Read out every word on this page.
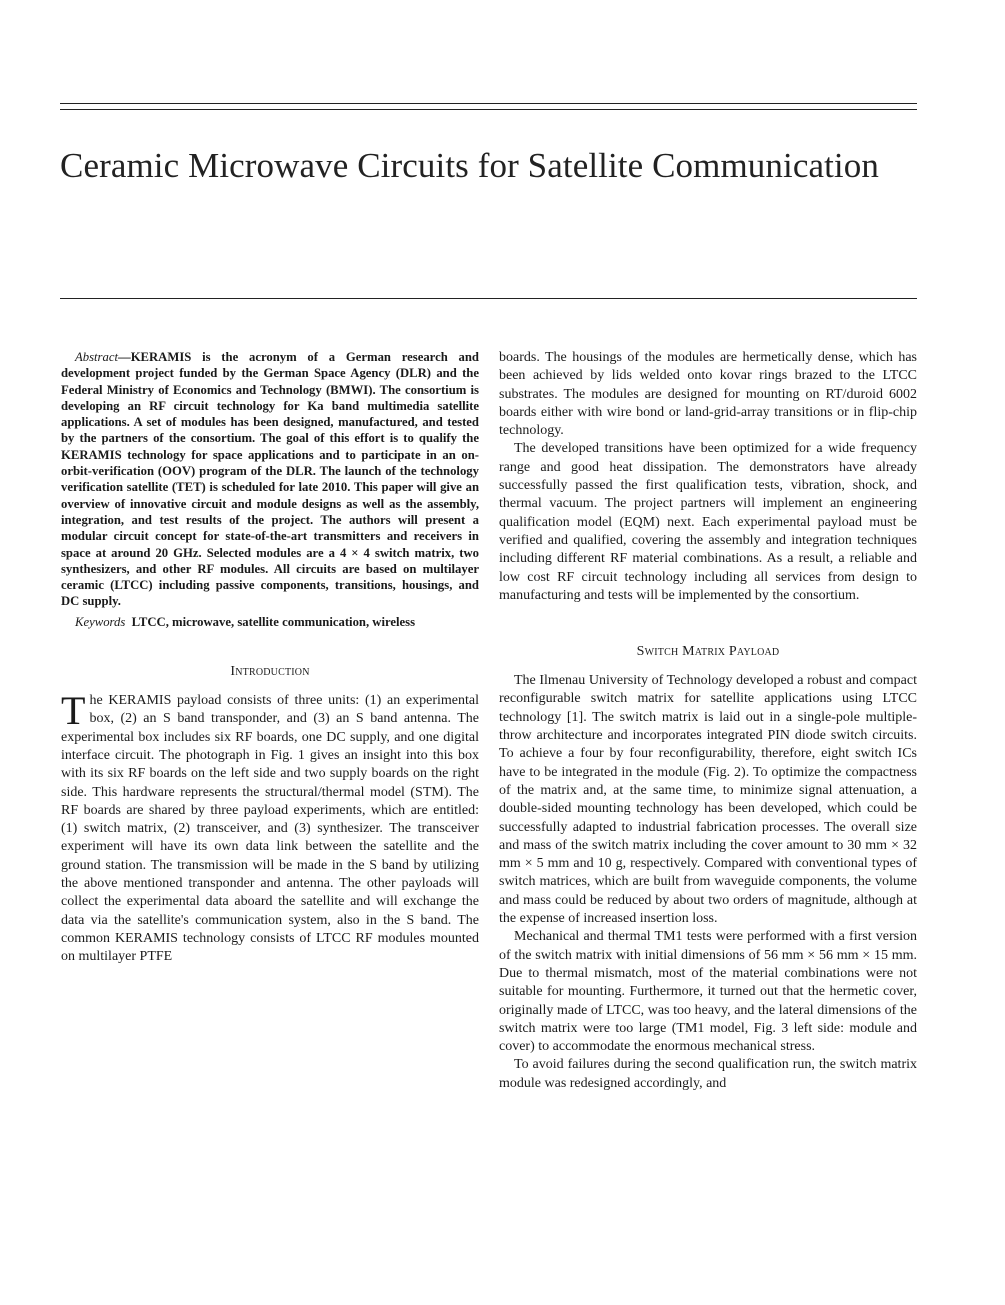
Ceramic Microwave Circuits for Satellite Communication

Abstract—KERAMIS is the acronym of a German research and development project funded by the German Space Agency (DLR) and the Federal Ministry of Economics and Technology (BMWI). The consortium is developing an RF circuit technology for Ka band multimedia satellite applications. A set of modules has been designed, manufactured, and tested by the partners of the consortium. The goal of this effort is to qualify the KERAMIS technology for space applications and to participate in an on-orbit-verification (OOV) program of the DLR. The launch of the technology verification satellite (TET) is scheduled for late 2010. This paper will give an overview of innovative circuit and module designs as well as the assembly, integration, and test results of the project. The authors will present a modular circuit concept for state-of-the-art transmitters and receivers in space at around 20 GHz. Selected modules are a 4 × 4 switch matrix, two synthesizers, and other RF modules. All circuits are based on multilayer ceramic (LTCC) including passive components, transitions, housings, and DC supply.

Keywords LTCC, microwave, satellite communication, wireless

Introduction

The KERAMIS payload consists of three units: (1) an experimental box, (2) an S band transponder, and (3) an S band antenna. The experimental box includes six RF boards, one DC supply, and one digital interface circuit. The photograph in Fig. 1 gives an insight into this box with its six RF boards on the left side and two supply boards on the right side. This hardware represents the structural/thermal model (STM). The RF boards are shared by three payload experiments, which are entitled: (1) switch matrix, (2) transceiver, and (3) synthesizer. The transceiver experiment will have its own data link between the satellite and the ground station. The transmission will be made in the S band by utilizing the above mentioned transponder and antenna. The other payloads will collect the experimental data aboard the satellite and will exchange the data via the satellite's communication system, also in the S band. The common KERAMIS technology consists of LTCC RF modules mounted on multilayer PTFE

boards. The housings of the modules are hermetically dense, which has been achieved by lids welded onto kovar rings brazed to the LTCC substrates. The modules are designed for mounting on RT/duroid 6002 boards either with wire bond or land-grid-array transitions or in flip-chip technology.

The developed transitions have been optimized for a wide frequency range and good heat dissipation. The demonstrators have already successfully passed the first qualification tests, vibration, shock, and thermal vacuum. The project partners will implement an engineering qualification model (EQM) next. Each experimental payload must be verified and qualified, covering the assembly and integration techniques including different RF material combinations. As a result, a reliable and low cost RF circuit technology including all services from design to manufacturing and tests will be implemented by the consortium.

Switch Matrix Payload

The Ilmenau University of Technology developed a robust and compact reconfigurable switch matrix for satellite applications using LTCC technology [1]. The switch matrix is laid out in a single-pole multiple-throw architecture and incorporates integrated PIN diode switch circuits. To achieve a four by four reconfigurability, therefore, eight switch ICs have to be integrated in the module (Fig. 2). To optimize the compactness of the matrix and, at the same time, to minimize signal attenuation, a double-sided mounting technology has been developed, which could be successfully adapted to industrial fabrication processes. The overall size and mass of the switch matrix including the cover amount to 30 mm × 32 mm × 5 mm and 10 g, respectively. Compared with conventional types of switch matrices, which are built from waveguide components, the volume and mass could be reduced by about two orders of magnitude, although at the expense of increased insertion loss.

Mechanical and thermal TM1 tests were performed with a first version of the switch matrix with initial dimensions of 56 mm × 56 mm × 15 mm. Due to thermal mismatch, most of the material combinations were not suitable for mounting. Furthermore, it turned out that the hermetic cover, originally made of LTCC, was too heavy, and the lateral dimensions of the switch matrix were too large (TM1 model, Fig. 3 left side: module and cover) to accommodate the enormous mechanical stress.

To avoid failures during the second qualification run, the switch matrix module was redesigned accordingly, and
